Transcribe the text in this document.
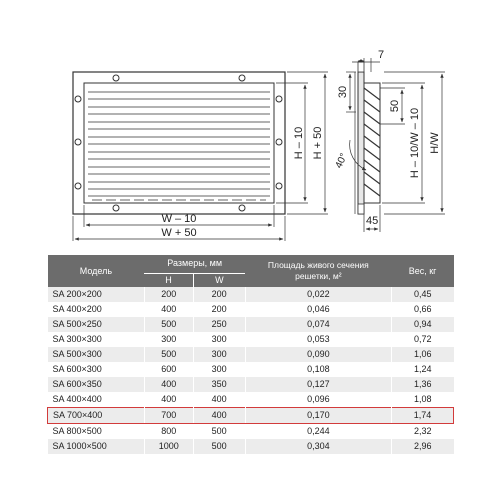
W – 10
W + 50
H – 10 H + 50
7
30
50
40°
45
H – 10/W – 10 H/W
Модель	Размеры, мм		Площадь живого сечения
решетки, м²	Вес, кг
	H	W		
SA 200×200	200	200	0,022	0,45
SA 400×200	400	200	0,046	0,66
SA 500×250	500	250	0,074	0,94
SA 300×300	300	300	0,053	0,72
SA 500×300	500	300	0,090	1,06
SA 600×300	600	300	0,108	1,24
SA 600×350	400	350	0,127	1,36
SA 400×400	400	400	0,096	1,08
SA 700×400	700	400	0,170	1,74
SA 800×500	800	500	0,244	2,32
SA 1000×500	1000	500	0,304	2,96
